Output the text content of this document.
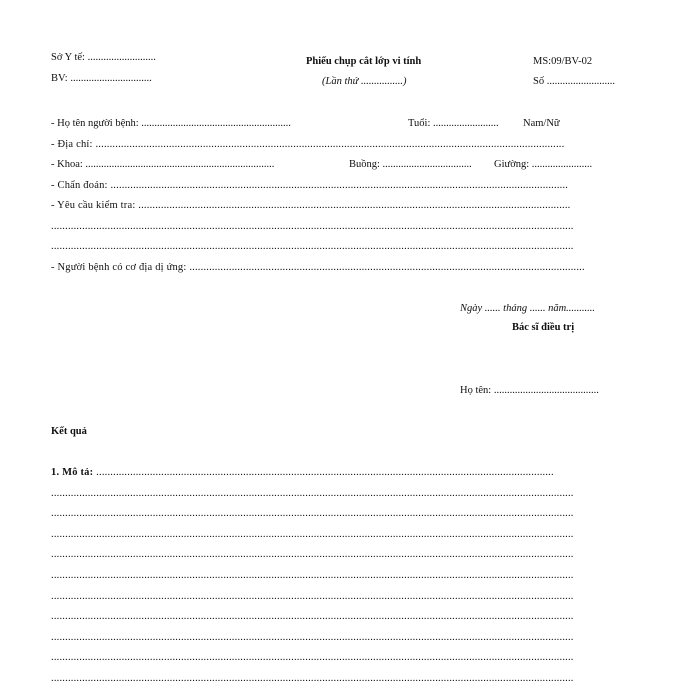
Sở Y tế: ..........................
BV: ...............................
Phiếu chụp cắt lớp vi tính
(Lần thứ ................)
MS:09/BV-02
Số ..........................
- Họ tên người bệnh: .........................................................	Tuổi: ......................... Nam/Nữ
- Địa chỉ: ......................................................................................................................................................................
- Khoa: ........................................................................	Buồng: .................................. Giường: .......................
- Chẩn đoán: ..................................................................................................................................................................
- Yêu cầu kiểm tra: .........................................................................................................................................................
.........................................................................................................................................................................................
.........................................................................................................................................................................................
- Người bệnh có cơ địa dị ứng: ............................................................................................................................................
Ngày ...... tháng ...... năm...........
Bác sĩ điều trị
Họ tên: ........................................
Kết quả
1. Mô tả: ..................................................................................................................................................................
.........................................................................................................................................................................................
.........................................................................................................................................................................................
.........................................................................................................................................................................................
.........................................................................................................................................................................................
.........................................................................................................................................................................................
.........................................................................................................................................................................................
.........................................................................................................................................................................................
.........................................................................................................................................................................................
.........................................................................................................................................................................................
.........................................................................................................................................................................................
